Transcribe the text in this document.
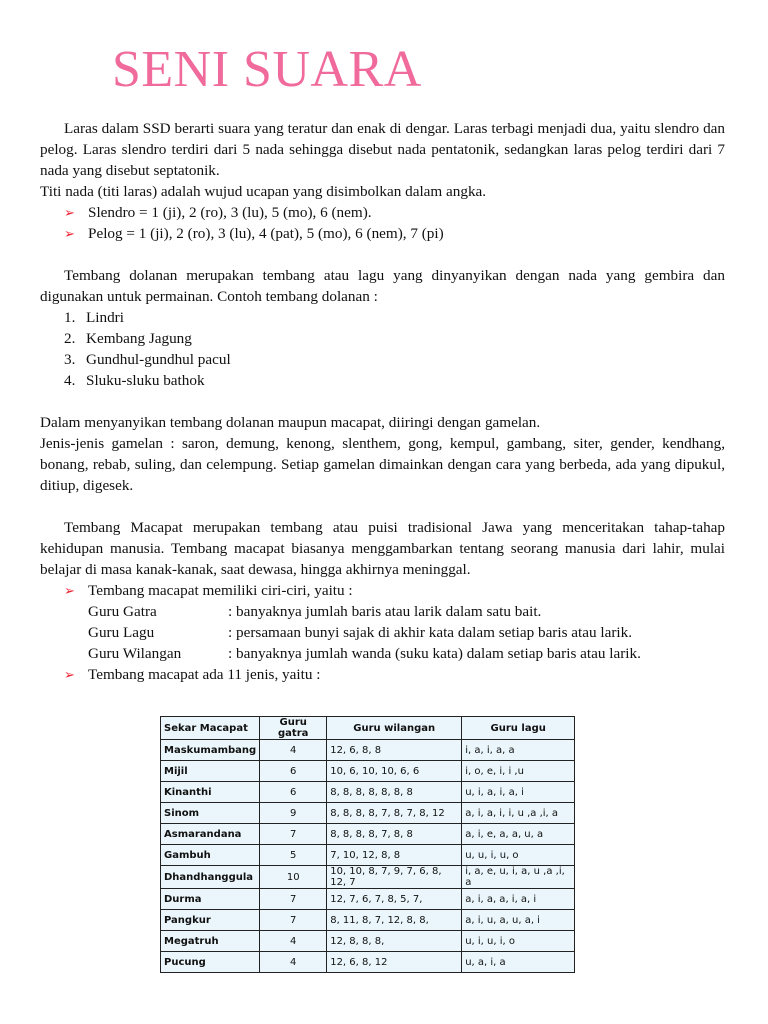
SENI SUARA

Laras dalam SSD berarti suara yang teratur dan enak di dengar. Laras terbagi menjadi dua, yaitu slendro dan pelog. Laras slendro terdiri dari 5 nada sehingga disebut nada pentatonik, sedangkan laras pelog terdiri dari 7 nada yang disebut septatonik.

Titi nada (titi laras) adalah wujud ucapan yang disimbolkan dalam angka.

➢ Slendro = 1 (ji), 2 (ro), 3 (lu), 5 (mo), 6 (nem).
➢ Pelog = 1 (ji), 2 (ro), 3 (lu), 4 (pat), 5 (mo), 6 (nem), 7 (pi)

Tembang dolanan merupakan tembang atau lagu yang dinyanyikan dengan nada yang gembira dan digunakan untuk permainan. Contoh tembang dolanan :

1. Lindri
2. Kembang Jagung
3. Gundhul-gundhul pacul
4. Sluku-sluku bathok

Dalam menyanyikan tembang dolanan maupun macapat, diiringi dengan gamelan.

Jenis-jenis gamelan : saron, demung, kenong, slenthem, gong, kempul, gambang, siter, gender, kendhang, bonang, rebab, suling, dan celempung. Setiap gamelan dimainkan dengan cara yang berbeda, ada yang dipukul, ditiup, digesek.

Tembang Macapat merupakan tembang atau puisi tradisional Jawa yang menceritakan tahap-tahap kehidupan manusia. Tembang macapat biasanya menggambarkan tentang seorang manusia dari lahir, mulai belajar di masa kanak-kanak, saat dewasa, hingga akhirnya meninggal.

➢ Tembang macapat memiliki ciri-ciri, yaitu :
Guru Gatra	: banyaknya jumlah baris atau larik dalam satu bait.
Guru Lagu	: persamaan bunyi sajak di akhir kata dalam setiap baris atau larik.
Guru Wilangan	: banyaknya jumlah wanda (suku kata) dalam setiap baris atau larik.
➢ Tembang macapat ada 11 jenis, yaitu :
Sekar Macapat	Guru gatra	Guru wilangan	Guru lagu
Maskumambang	4	12, 6, 8, 8	i, a, i, a, a
Mijil	6	10, 6, 10, 10, 6, 6	i, o, e, i, i ,u
Kinanthi	6	8, 8, 8, 8, 8, 8, 8	u, i, a, i, a, i
Sinom	9	8, 8, 8, 8, 7, 8, 7, 8, 12	a, i, a, i, i, u ,a ,i, a
Asmarandana	7	8, 8, 8, 8, 7, 8, 8	a, i, e, a, a, u, a
Gambuh	5	7, 10, 12, 8, 8	u, u, i, u, o
Dhandhanggula	10	10, 10, 8, 7, 9, 7, 6, 8, 12, 7	i, a, e, u, i, a, u ,a ,i, a
Durma	7	12, 7, 6, 7, 8, 5, 7,	a, i, a, a, i, a, i
Pangkur	7	8, 11, 8, 7, 12, 8, 8,	a, i, u, a, u, a, i
Megatruh	4	12, 8, 8, 8,	u, i, u, i, o
Pucung	4	12, 6, 8, 12	u, a, i, a
